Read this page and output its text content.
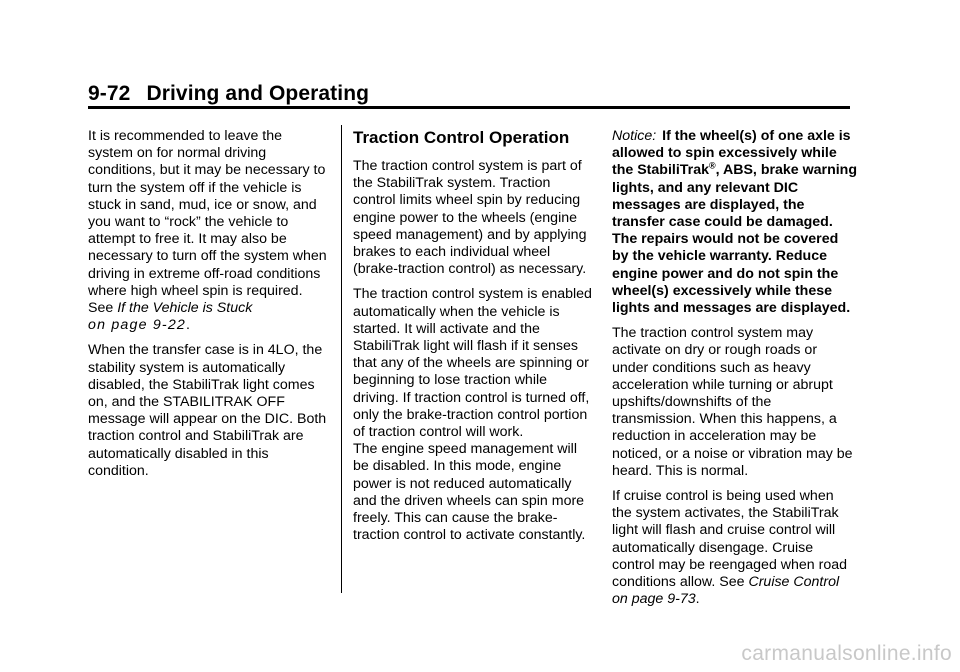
9-72 Driving and Operating

It is recommended to leave the system on for normal driving conditions, but it may be necessary to turn the system off if the vehicle is stuck in sand, mud, ice or snow, and you want to “rock” the vehicle to attempt to free it. It may also be necessary to turn off the system when driving in extreme off-road conditions where high wheel spin is required. See If the Vehicle is Stuck
on page 9-22.

When the transfer case is in 4LO, the stability system is automatically disabled, the StabiliTrak light comes on, and the STABILITRAK OFF message will appear on the DIC. Both traction control and StabiliTrak are automatically disabled in this condition.

Traction Control Operation

The traction control system is part of the StabiliTrak system. Traction control limits wheel spin by reducing engine power to the wheels (engine speed management) and by applying brakes to each individual wheel (brake-traction control) as necessary.

The traction control system is enabled automatically when the vehicle is started. It will activate and the StabiliTrak light will flash if it senses that any of the wheels are spinning or beginning to lose traction while driving. If traction control is turned off, only the brake-traction control portion of traction control will work.

The engine speed management will be disabled. In this mode, engine power is not reduced automatically and the driven wheels can spin more freely. This can cause the brake-traction control to activate constantly.

Notice: If the wheel(s) of one axle is allowed to spin excessively while the StabiliTrak®, ABS, brake warning lights, and any relevant DIC messages are displayed, the transfer case could be damaged. The repairs would not be covered by the vehicle warranty. Reduce engine power and do not spin the wheel(s) excessively while these lights and messages are displayed.

The traction control system may activate on dry or rough roads or under conditions such as heavy acceleration while turning or abrupt upshifts/downshifts of the transmission. When this happens, a reduction in acceleration may be noticed, or a noise or vibration may be heard. This is normal.

If cruise control is being used when the system activates, the StabiliTrak light will flash and cruise control will automatically disengage. Cruise control may be reengaged when road conditions allow. See Cruise Control on page 9-73.

carmanualsonline.info
